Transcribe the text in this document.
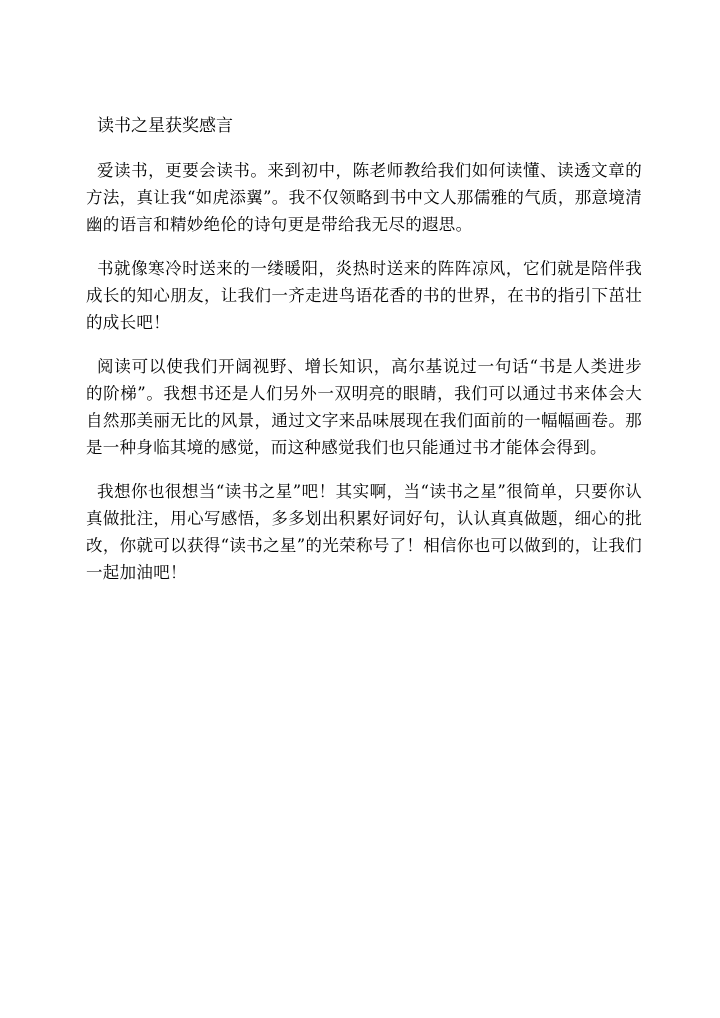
读书之星获奖感言

爱读书，更要会读书。来到初中，陈老师教给我们如何读懂、读透文章的方法，真让我“如虎添翼”。我不仅领略到书中文人那儒雅的气质，那意境清幽的语言和精妙绝伦的诗句更是带给我无尽的遐思。

书就像寒冷时送来的一缕暖阳，炎热时送来的阵阵凉风，它们就是陪伴我成长的知心朋友，让我们一齐走进鸟语花香的书的世界，在书的指引下茁壮的成长吧！

阅读可以使我们开阔视野、增长知识，高尔基说过一句话“书是人类进步的阶梯”。我想书还是人们另外一双明亮的眼睛，我们可以通过书来体会大自然那美丽无比的风景，通过文字来品味展现在我们面前的一幅幅画卷。那是一种身临其境的感觉，而这种感觉我们也只能通过书才能体会得到。

我想你也很想当“读书之星”吧！其实啊，当“读书之星”很简单，只要你认真做批注，用心写感悟，多多划出积累好词好句，认认真真做题，细心的批改，你就可以获得“读书之星”的光荣称号了！相信你也可以做到的，让我们一起加油吧！
